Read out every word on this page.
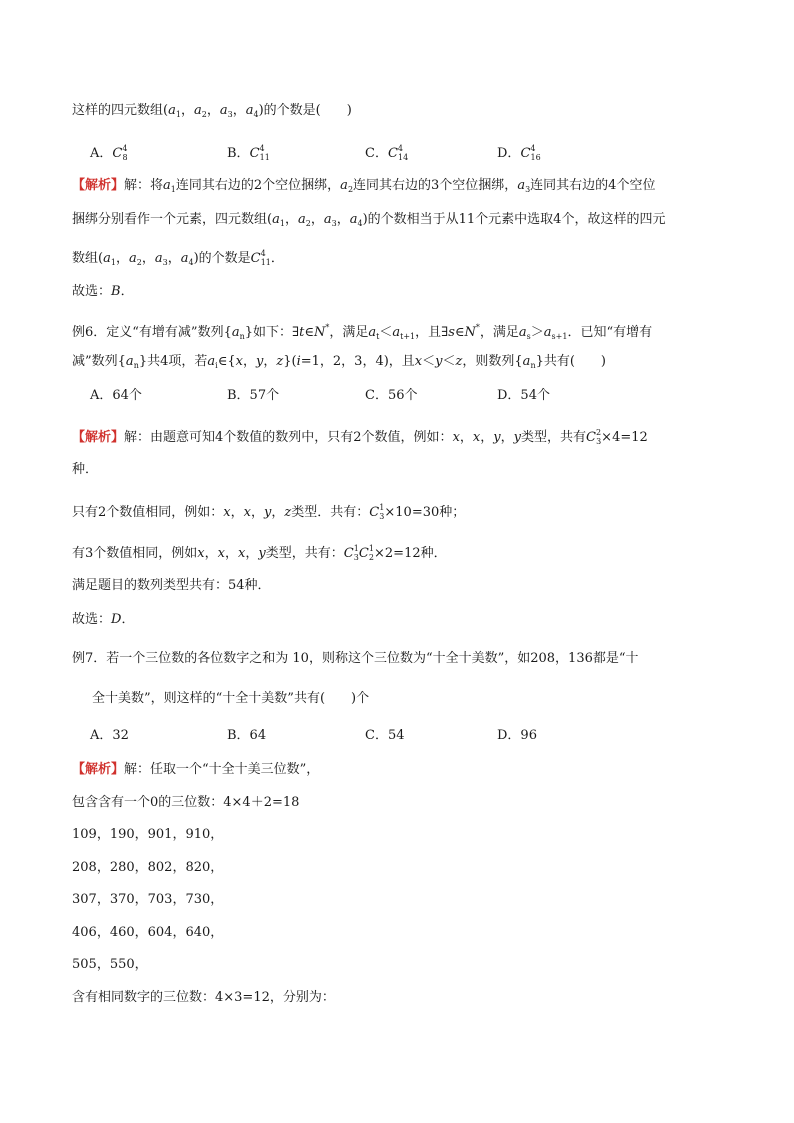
这样的四元数组($a_1$，$a_2$，$a_3$，$a_4$)的个数是(　　)
A．$C^4_8$	B．$C^4_{11}$	C．$C^4_{14}$	D．$C^4_{16}$
【解析】解：将$a_1$连同其右边的2个空位捆绑，$a_2$连同其右边的3个空位捆绑，$a_3$连同其右边的4个空位
捆绑分别看作一个元素，四元数组($a_1$，$a_2$，$a_3$，$a_4$)的个数相当于从11个元素中选取4个，故这样的四元
数组($a_1$，$a_2$，$a_3$，$a_4$)的个数是$C^4_{11}$．
故选：B．
例6．定义“有增有减”数列$\{a_n\}$如下：∃t∈N*，满足$a_t<a_{t+1}$，且∃s∈N*，满足$a_s>a_{s+1}$．已知“有增有
减”数列$\{a_n\}$共4项，若$a_i\in\{x$，y，z}(i=1，2，3，4)，且x＜y＜z，则数列$\{a_n\}$共有(　　)
A．64个	B．57个	C．56个	D．54个
【解析】解：由题意可知4个数值的数列中，只有2个数值，例如：x，x，y，y类型，共有$C^2_3\times 4=12$
种．
只有2个数值相同，例如：x，x，y，z类型．共有：$C^1_3\times 10=30$种；
有3个数值相同，例如x，x，x，y类型，共有：$C^1_3C^1_2\times 2=12$种．
满足题目的数列类型共有：54种．
故选：D．
例7．若一个三位数的各位数字之和为 10，则称这个三位数为“十全十美数”，如208，136都是“十
全十美数”，则这样的“十全十美数”共有(　　)个
A．32	B．64	C．54	D．96
【解析】解：任取一个“十全十美三位数”，
包含含有一个0的三位数：4×4＋2=18
109，190，901，910，
208，280，802，820，
307，370，703，730，
406，460，604，640，
505，550，
含有相同数字的三位数：4×3=12，分别为：
